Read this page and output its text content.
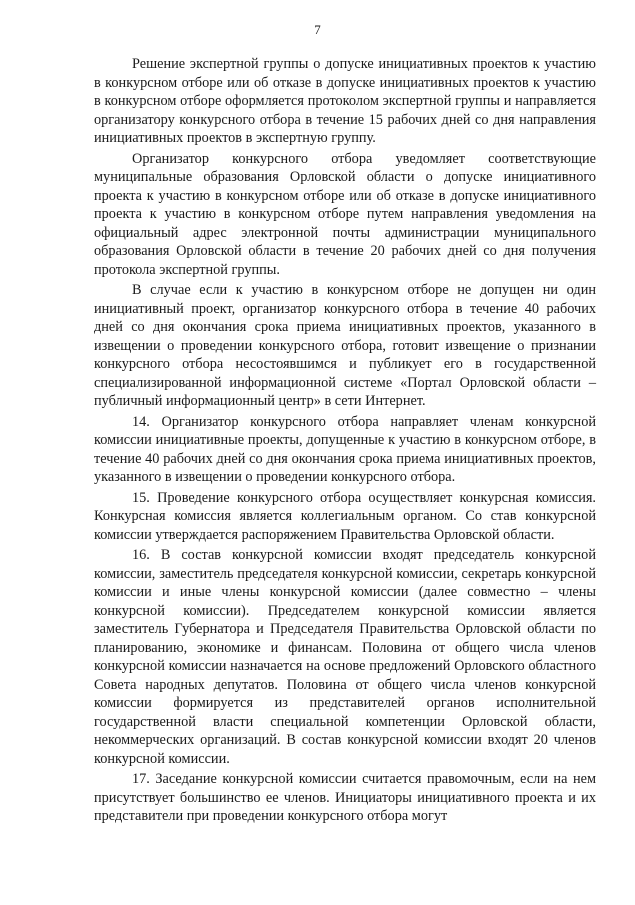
7

Решение экспертной группы о допуске инициативных проектов к участию в конкурсном отборе или об отказе в допуске инициативных проектов к участию в конкурсном отборе оформляется протоколом экспертной группы и направляется организатору конкурсного отбора в течение 15 рабочих дней со дня направления инициативных проектов в экспертную группу.

Организатор конкурсного отбора уведомляет соответствующие муниципальные образования Орловской области о допуске инициативного проекта к участию в конкурсном отборе или об отказе в допуске инициативного проекта к участию в конкурсном отборе путем направления уведомления на официальный адрес электронной почты администрации муниципального образования Орловской области в течение 20 рабочих дней со дня получения протокола экспертной группы.

В случае если к участию в конкурсном отборе не допущен ни один инициативный проект, организатор конкурсного отбора в течение 40 рабочих дней со дня окончания срока приема инициативных проектов, указанного в извещении о проведении конкурсного отбора, готовит извещение о признании конкурсного отбора несостоявшимся и публикует его в государственной специализированной информационной системе «Портал Орловской области – публичный информационный центр» в сети Интернет.

14. Организатор конкурсного отбора направляет членам конкурсной комиссии инициативные проекты, допущенные к участию в конкурсном отборе, в течение 40 рабочих дней со дня окончания срока приема инициативных проектов, указанного в извещении о проведении конкурсного отбора.

15. Проведение конкурсного отбора осуществляет конкурсная комиссия. Конкурсная комиссия является коллегиальным органом. Со став конкурсной комиссии утверждается распоряжением Правительства Орловской области.

16. В состав конкурсной комиссии входят председатель конкурсной комиссии, заместитель председателя конкурсной комиссии, секретарь конкурсной комиссии и иные члены конкурсной комиссии (далее совместно – члены конкурсной комиссии). Председателем конкурсной комиссии является заместитель Губернатора и Председателя Правительства Орловской области по планированию, экономике и финансам. Половина от общего числа членов конкурсной комиссии назначается на основе предложений Орловского областного Совета народных депутатов. Половина от общего числа членов конкурсной комиссии формируется из представителей органов исполнительной государственной власти специальной компетенции Орловской области, некоммерческих организаций. В состав конкурсной комиссии входят 20 членов конкурсной комиссии.

17. Заседание конкурсной комиссии считается правомочным, если на нем присутствует большинство ее членов. Инициаторы инициативного проекта и их представители при проведении конкурсного отбора могут
